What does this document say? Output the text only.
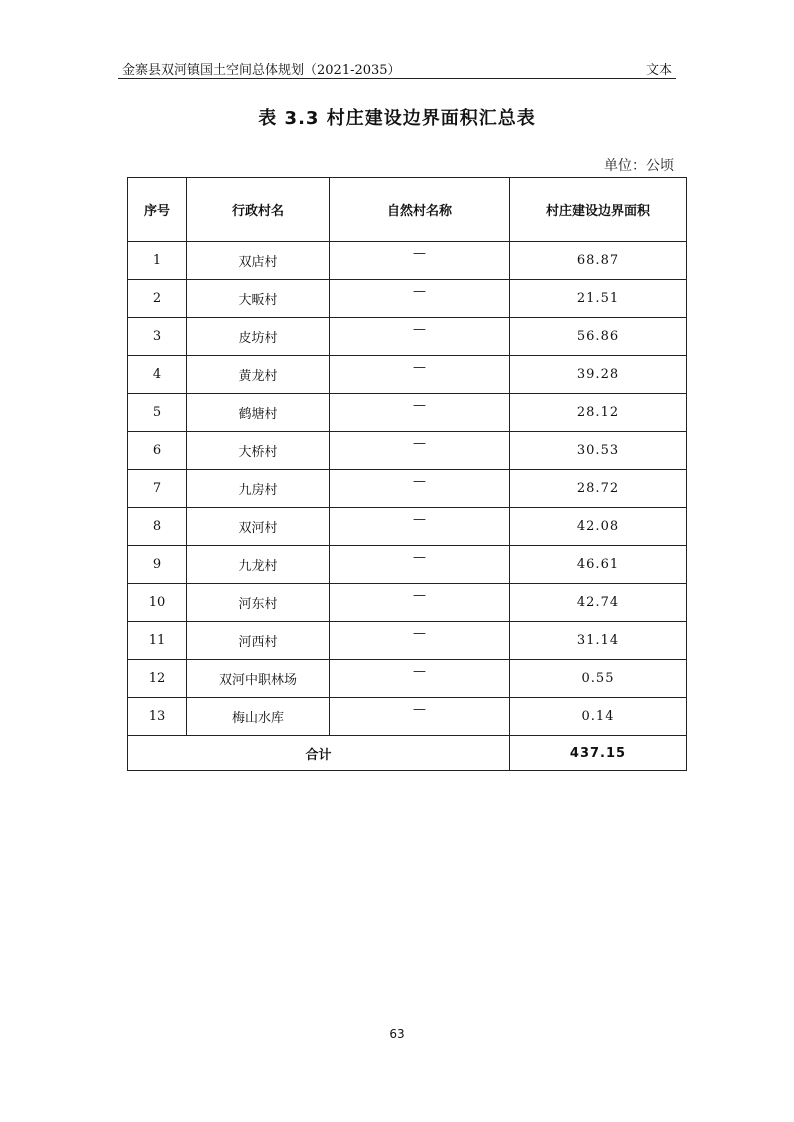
金寨县双河镇国土空间总体规划（2021-2035）	文本
表 3.3 村庄建设边界面积汇总表
单位：公顷
序号	行政村名	自然村名称	村庄建设边界面积
1	双店村	—	68.87
2	大畈村	—	21.51
3	皮坊村	—	56.86
4	黄龙村	—	39.28
5	鹤塘村	—	28.12
6	大桥村	—	30.53
7	九房村	—	28.72
8	双河村	—	42.08
9	九龙村	—	46.61
10	河东村	—	42.74
11	河西村	—	31.14
12	双河中职林场	—	0.55
13	梅山水库	—	0.14
合计			437.15
63
